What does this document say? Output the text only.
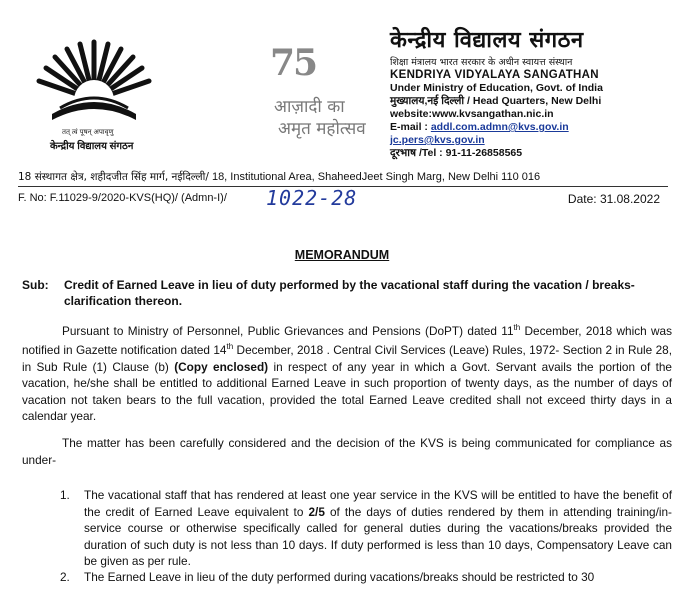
तत् त्वं पूषन् अपावृणु
केन्द्रीय विद्यालय संगठन
75
आज़ादी का
अमृत महोत्सव
केन्द्रीय विद्यालय संगठन
शिक्षा मंत्रालय भारत सरकार के अधीन स्वायत्त संस्थान
KENDRIYA VIDYALAYA SANGATHAN
Under Ministry of Education, Govt. of India
मुख्यालय,नई दिल्ली / Head Quarters, New Delhi
website:www.kvsangathan.nic.in
E-mail : addl.com.admn@kvs.gov.in
jc.pers@kvs.gov.in
दूरभाष /Tel : 91-11-26858565
18 संस्थागत क्षेत्र, शहीदजीत सिंह मार्ग, नईदिल्ली/ 18, Institutional Area, ShaheedJeet Singh Marg, New Delhi 110 016
F. No: F.11029-9/2020-KVS(HQ)/ (Admn-I)/ 1022-28	Date: 31.08.2022
MEMORANDUM
Sub: Credit of Earned Leave in lieu of duty performed by the vacational staff during the vacation / breaks-clarification thereon.
Pursuant to Ministry of Personnel, Public Grievances and Pensions (DoPT) dated 11th December, 2018 which was notified in Gazette notification dated 14th December, 2018 . Central Civil Services (Leave) Rules, 1972- Section 2 in Rule 28, in Sub Rule (1) Clause (b) (Copy enclosed) in respect of any year in which a Govt. Servant avails the portion of the vacation, he/she shall be entitled to additional Earned Leave in such proportion of twenty days, as the number of days of vacation not taken bears to the full vacation, provided the total Earned Leave credited shall not exceed thirty days in a calendar year.
The matter has been carefully considered and the decision of the KVS is being communicated for compliance as under-
1. The vacational staff that has rendered at least one year service in the KVS will be entitled to have the benefit of the credit of Earned Leave equivalent to 2/5 of the days of duties rendered by them in attending training/in-service course or otherwise specifically called for general duties during the vacations/breaks provided the duration of such duty is not less than 10 days. If duty performed is less than 10 days, Compensatory Leave can be given as per rule.
2. The Earned Leave in lieu of the duty performed during vacations/breaks should be restricted to 30
